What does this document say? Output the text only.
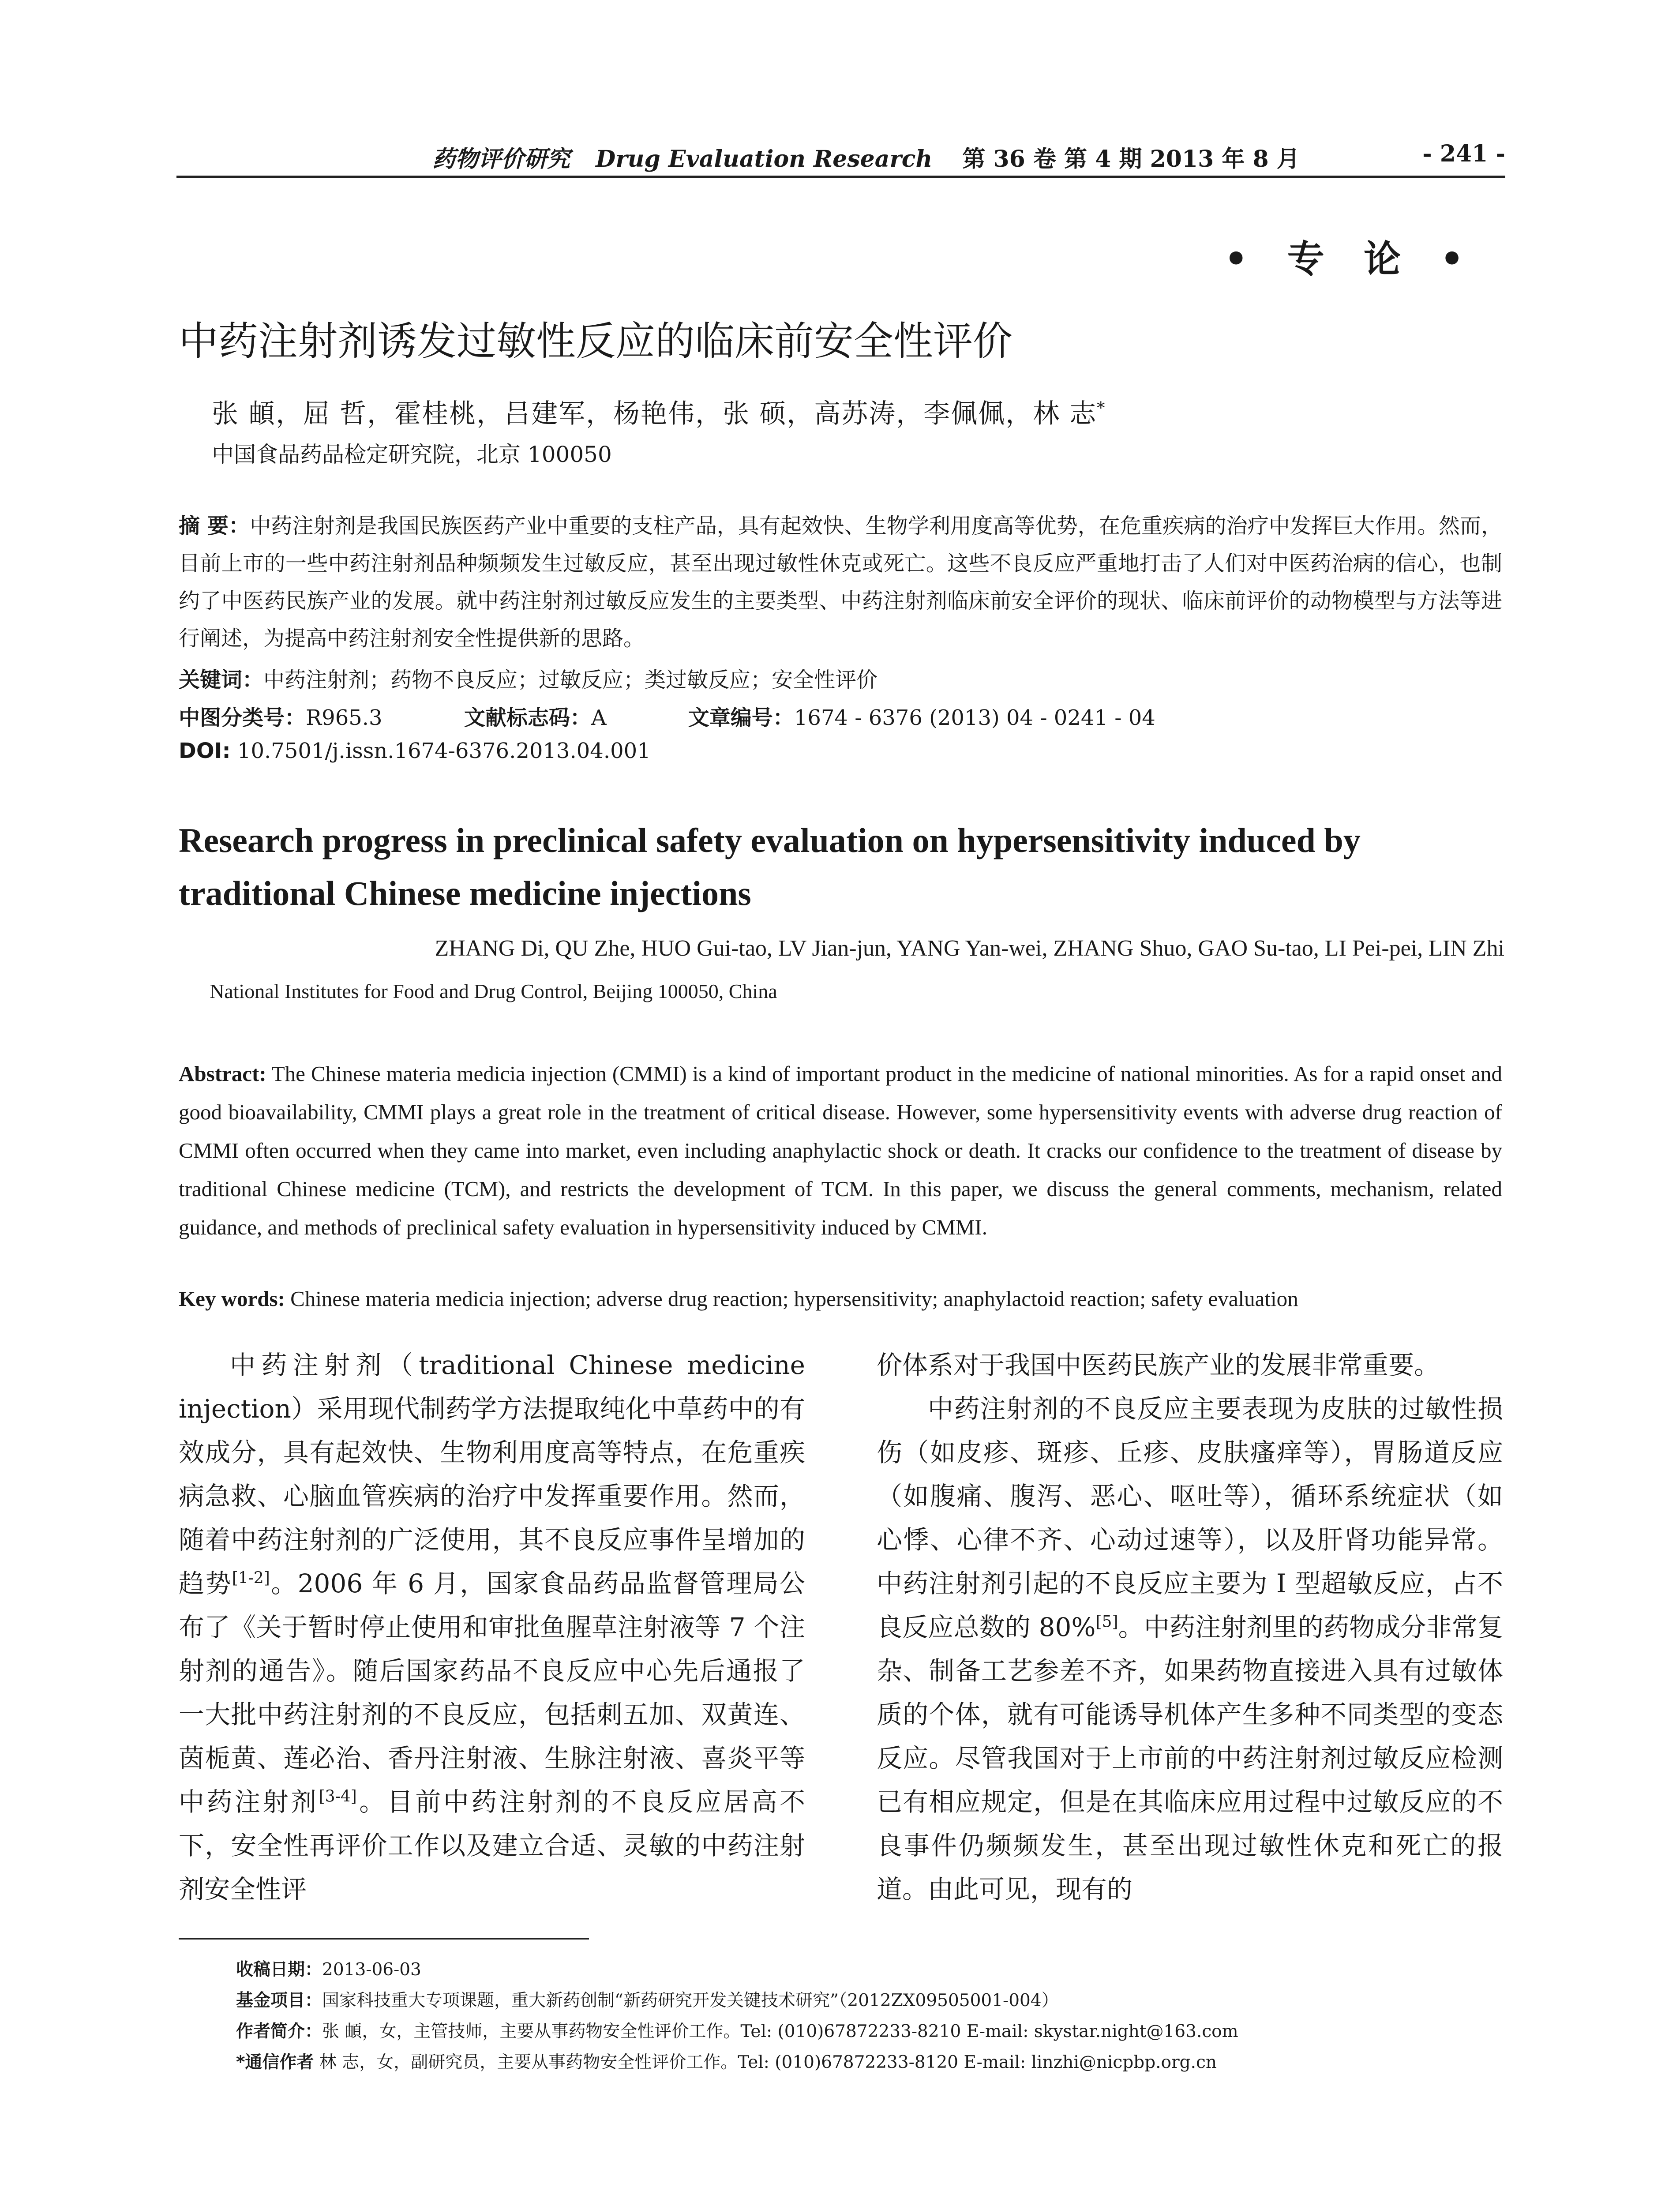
药物评价研究 Drug Evaluation Research 第 36 卷 第 4 期 2013 年 8 月	- 241 -
• 专 论 •
中药注射剂诱发过敏性反应的临床前安全性评价
张 頔，屈 哲，霍桂桃，吕建军，杨艳伟，张 硕，高苏涛，李佩佩，林 志*
中国食品药品检定研究院，北京 100050
摘 要：中药注射剂是我国民族医药产业中重要的支柱产品，具有起效快、生物学利用度高等优势，在危重疾病的治疗中发挥巨大作用。然而，目前上市的一些中药注射剂品种频频发生过敏反应，甚至出现过敏性休克或死亡。这些不良反应严重地打击了人们对中医药治病的信心，也制约了中医药民族产业的发展。就中药注射剂过敏反应发生的主要类型、中药注射剂临床前安全评价的现状、临床前评价的动物模型与方法等进行阐述，为提高中药注射剂安全性提供新的思路。
关键词：中药注射剂；药物不良反应；过敏反应；类过敏反应；安全性评价
中图分类号：R965.3	文献标志码：A	文章编号：1674 - 6376 (2013) 04 - 0241 - 04
DOI: 10.7501/j.issn.1674-6376.2013.04.001
Research progress in preclinical safety evaluation on hypersensitivity induced by traditional Chinese medicine injections
ZHANG Di, QU Zhe, HUO Gui-tao, LV Jian-jun, YANG Yan-wei, ZHANG Shuo, GAO Su-tao, LI Pei-pei, LIN Zhi
National Institutes for Food and Drug Control, Beijing 100050, China
Abstract: The Chinese materia medicia injection (CMMI) is a kind of important product in the medicine of national minorities. As for a rapid onset and good bioavailability, CMMI plays a great role in the treatment of critical disease. However, some hypersensitivity events with adverse drug reaction of CMMI often occurred when they came into market, even including anaphylactic shock or death. It cracks our confidence to the treatment of disease by traditional Chinese medicine (TCM), and restricts the development of TCM. In this paper, we discuss the general comments, mechanism, related guidance, and methods of preclinical safety evaluation in hypersensitivity induced by CMMI.
Key words: Chinese materia medicia injection; adverse drug reaction; hypersensitivity; anaphylactoid reaction; safety evaluation

中药注射剂（traditional Chinese medicine injection）采用现代制药学方法提取纯化中草药中的有效成分，具有起效快、生物利用度高等特点，在危重疾病急救、心脑血管疾病的治疗中发挥重要作用。然而，随着中药注射剂的广泛使用，其不良反应事件呈增加的趋势[1-2]。2006 年 6 月，国家食品药品监督管理局公布了《关于暂时停止使用和审批鱼腥草注射液等 7 个注射剂的通告》。随后国家药品不良反应中心先后通报了一大批中药注射剂的不良反应，包括刺五加、双黄连、茵栀黄、莲必治、香丹注射液、生脉注射液、喜炎平等中药注射剂[3-4]。目前中药注射剂的不良反应居高不下，安全性再评价工作以及建立合适、灵敏的中药注射剂安全性评

价体系对于我国中医药民族产业的发展非常重要。

中药注射剂的不良反应主要表现为皮肤的过敏性损伤（如皮疹、斑疹、丘疹、皮肤瘙痒等），胃肠道反应（如腹痛、腹泻、恶心、呕吐等），循环系统症状（如心悸、心律不齐、心动过速等），以及肝肾功能异常。中药注射剂引起的不良反应主要为 I 型超敏反应，占不良反应总数的 80%[5]。中药注射剂里的药物成分非常复杂、制备工艺参差不齐，如果药物直接进入具有过敏体质的个体，就有可能诱导机体产生多种不同类型的变态反应。尽管我国对于上市前的中药注射剂过敏反应检测已有相应规定，但是在其临床应用过程中过敏反应的不良事件仍频频发生，甚至出现过敏性休克和死亡的报道。由此可见，现有的

收稿日期：2013-06-03
基金项目：国家科技重大专项课题，重大新药创制“新药研究开发关键技术研究”（2012ZX09505001-004）
作者简介：张 頔，女，主管技师，主要从事药物安全性评价工作。Tel: (010)67872233-8210 E-mail: skystar.night@163.com
*通信作者 林 志，女，副研究员，主要从事药物安全性评价工作。Tel: (010)67872233-8120 E-mail: linzhi@nicpbp.org.cn
